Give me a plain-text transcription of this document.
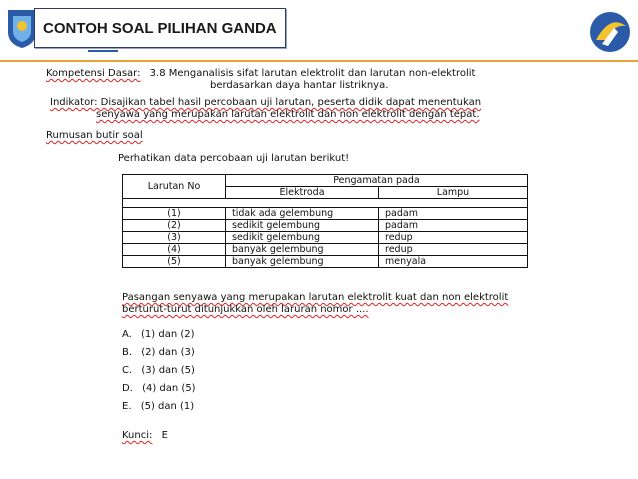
CONTOH SOAL PILIHAN GANDA
Kompetensi Dasar: 3.8 Menganalisis sifat larutan elektrolit dan larutan non-elektrolit
berdasarkan daya hantar listriknya.
Indikator: Disajikan tabel hasil percobaan uji larutan, peserta didik dapat menentukan
senyawa yang merupakan larutan elektrolit dan non elektrolit dengan tepat.
Rumusan butir soal
Perhatikan data percobaan uji larutan berikut!
Larutan No	Pengamatan pada	
	Elektroda	Lampu

(1)	tidak ada gelembung	padam
(2)	sedikit gelembung	padam
(3)	sedikit gelembung	redup
(4)	banyak gelembung	redup
(5)	banyak gelembung	menyala
Pasangan senyawa yang merupakan larutan elektrolit kuat dan non elektrolit
berturut-turut ditunjukkan oleh laruran nomor ....
A. (1) dan (2)
B. (2) dan (3)
C. (3) dan (5)
D. (4) dan (5)
E. (5) dan (1)
Kunci: E
